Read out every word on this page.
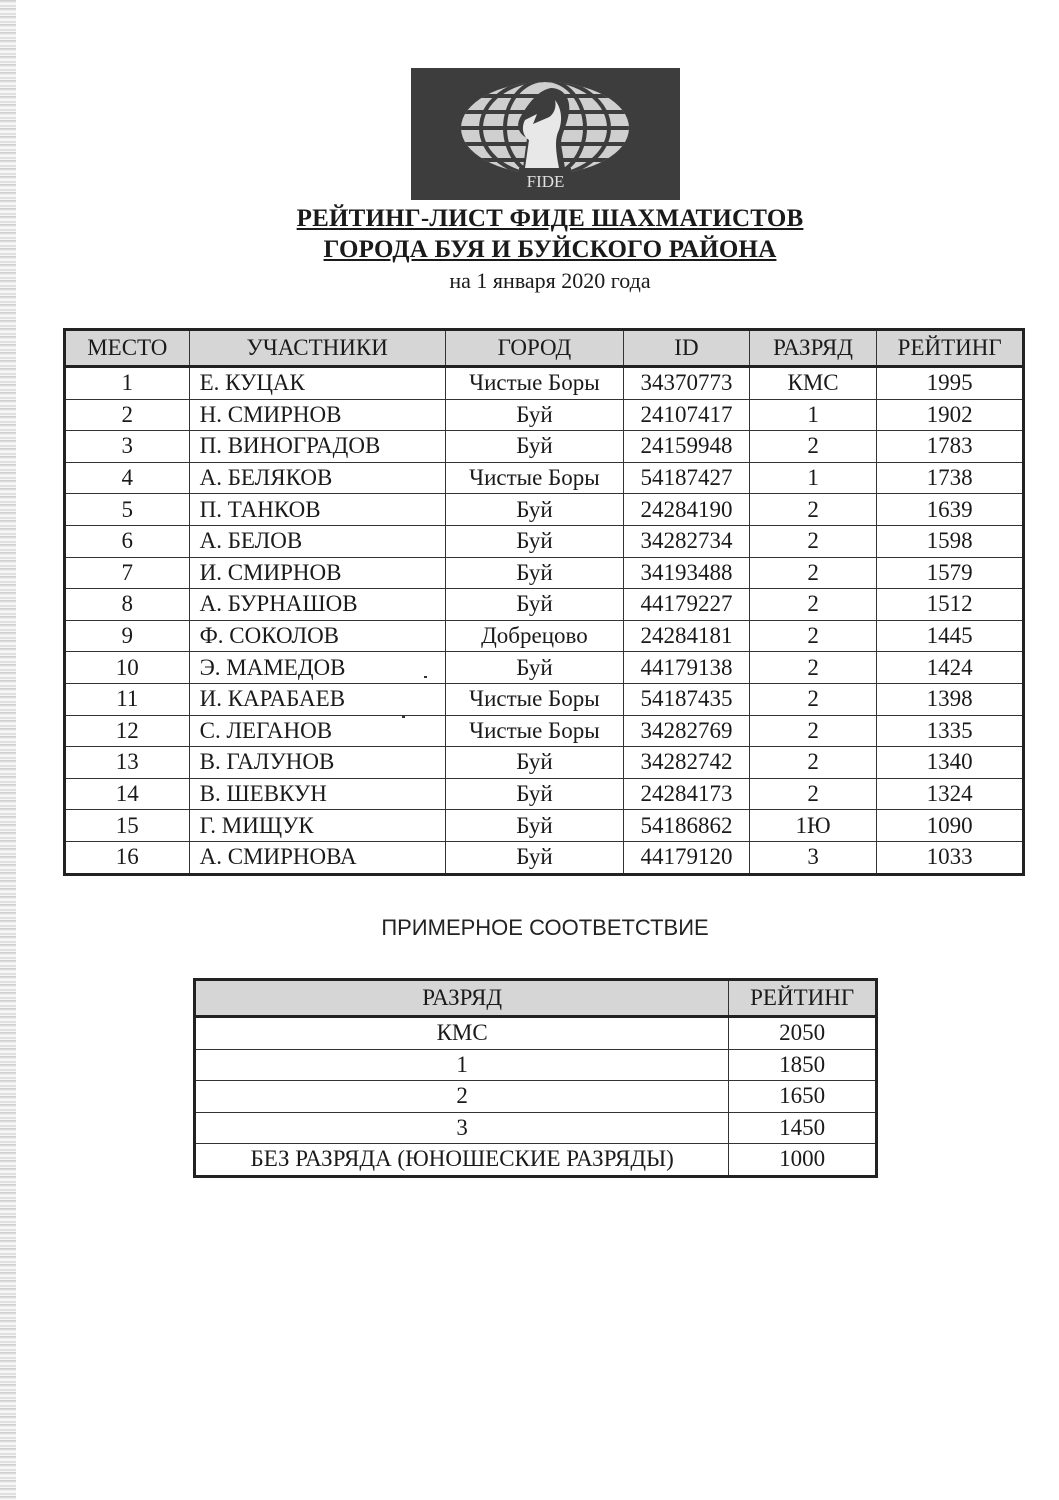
FIDE
РЕЙТИНГ-ЛИСТ ФИДЕ ШАХМАТИСТОВ
ГОРОДА БУЯ И БУЙСКОГО РАЙОНА
на 1 января 2020 года
МЕСТО	УЧАСТНИКИ	ГОРОД	ID	РАЗРЯД	РЕЙТИНГ
1	Е. КУЦАК	Чистые Боры	34370773	КМС	1995
2	Н. СМИРНОВ	Буй	24107417	1	1902
3	П. ВИНОГРАДОВ	Буй	24159948	2	1783
4	А. БЕЛЯКОВ	Чистые Боры	54187427	1	1738
5	П. ТАНКОВ	Буй	24284190	2	1639
6	А. БЕЛОВ	Буй	34282734	2	1598
7	И. СМИРНОВ	Буй	34193488	2	1579
8	А. БУРНАШОВ	Буй	44179227	2	1512
9	Ф. СОКОЛОВ	Добрецово	24284181	2	1445
10	Э. МАМЕДОВ	Буй	44179138	2	1424
11	И. КАРАБАЕВ	Чистые Боры	54187435	2	1398
12	С. ЛЕГАНОВ	Чистые Боры	34282769	2	1335
13	В. ГАЛУНОВ	Буй	34282742	2	1340
14	В. ШЕВКУН	Буй	24284173	2	1324
15	Г. МИЩУК	Буй	54186862	1Ю	1090
16	А. СМИРНОВА	Буй	44179120	3	1033
ПРИМЕРНОЕ СООТВЕТСТВИЕ
РАЗРЯД	РЕЙТИНГ
КМС	2050
1	1850
2	1650
3	1450
БЕЗ РАЗРЯДА (ЮНОШЕСКИЕ РАЗРЯДЫ)	1000
